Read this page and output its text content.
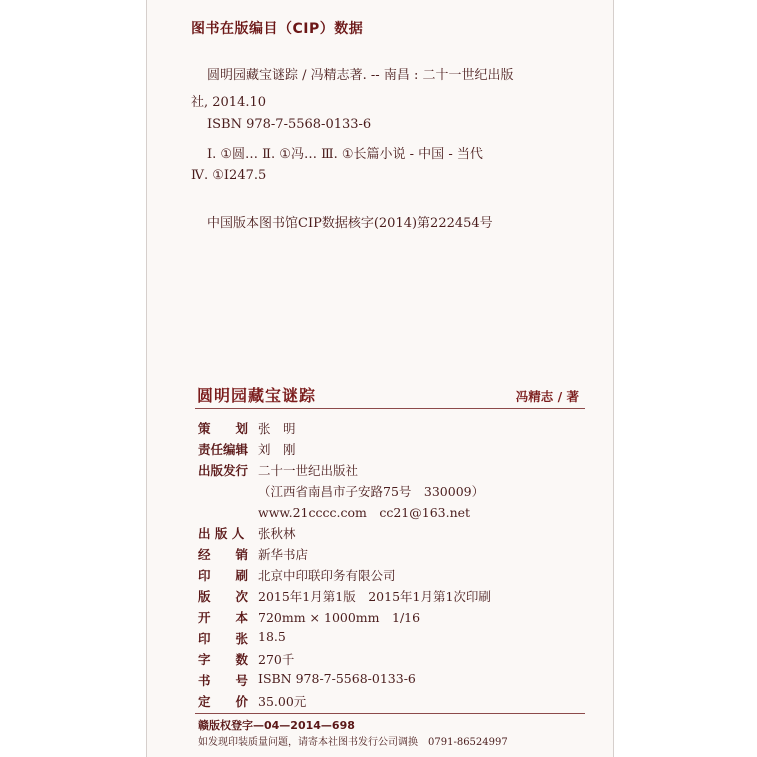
图书在版编目（CIP）数据
圆明园藏宝谜踪 / 冯精志著. -- 南昌 : 二十一世纪出版
社, 2014.10
ISBN 978-7-5568-0133-6
Ⅰ. ①圆… Ⅱ. ①冯… Ⅲ. ①长篇小说 - 中国 - 当代
Ⅳ. ①I247.5
中国版本图书馆CIP数据核字(2014)第222454号
圆明园藏宝谜踪	冯精志 / 著
策　　划 张　明
责任编辑 刘　刚
出版发行 二十一世纪出版社
（江西省南昌市子安路75号　330009）
www.21cccc.com　cc21@163.net
出 版 人 张秋林
经　　销 新华书店
印　　刷 北京中印联印务有限公司
版　　次 2015年1月第1版　2015年1月第1次印刷
开　　本 720mm × 1000mm　1/16
印　　张 18.5
字　　数 270千
书　　号 ISBN 978-7-5568-0133-6
定　　价 35.00元
赣版权登字—04—2014—698
如发现印装质量问题，请寄本社图书发行公司调换　0791-86524997
